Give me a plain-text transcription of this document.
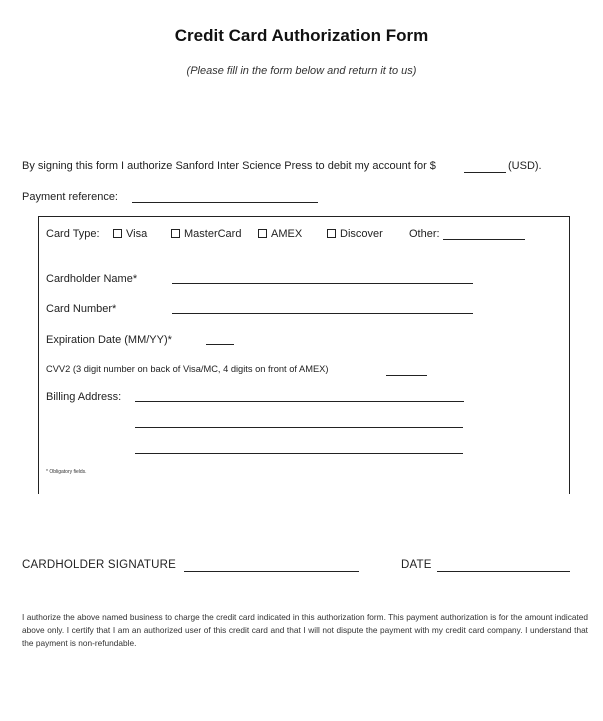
Credit Card Authorization Form
(Please fill in the form below and return it to us)
By signing this form I authorize Sanford Inter Science Press to debit my account for $	(USD).
Payment reference:
Card Type:	Visa	MasterCard	AMEX	Discover Other:
Cardholder Name*
Card Number*
Expiration Date (MM/YY)*
CVV2 (3 digit number on back of Visa/MC, 4 digits on front of AMEX)
Billing Address:
* Obligatory fields.
CARDHOLDER SIGNATURE	DATE
I authorize the above named business to charge the credit card indicated in this authorization form. This payment authorization is for the amount indicated above only. I certify that I am an authorized user of this credit card and that I will not dispute the payment with my credit card company. I understand that the payment is non-refundable.
